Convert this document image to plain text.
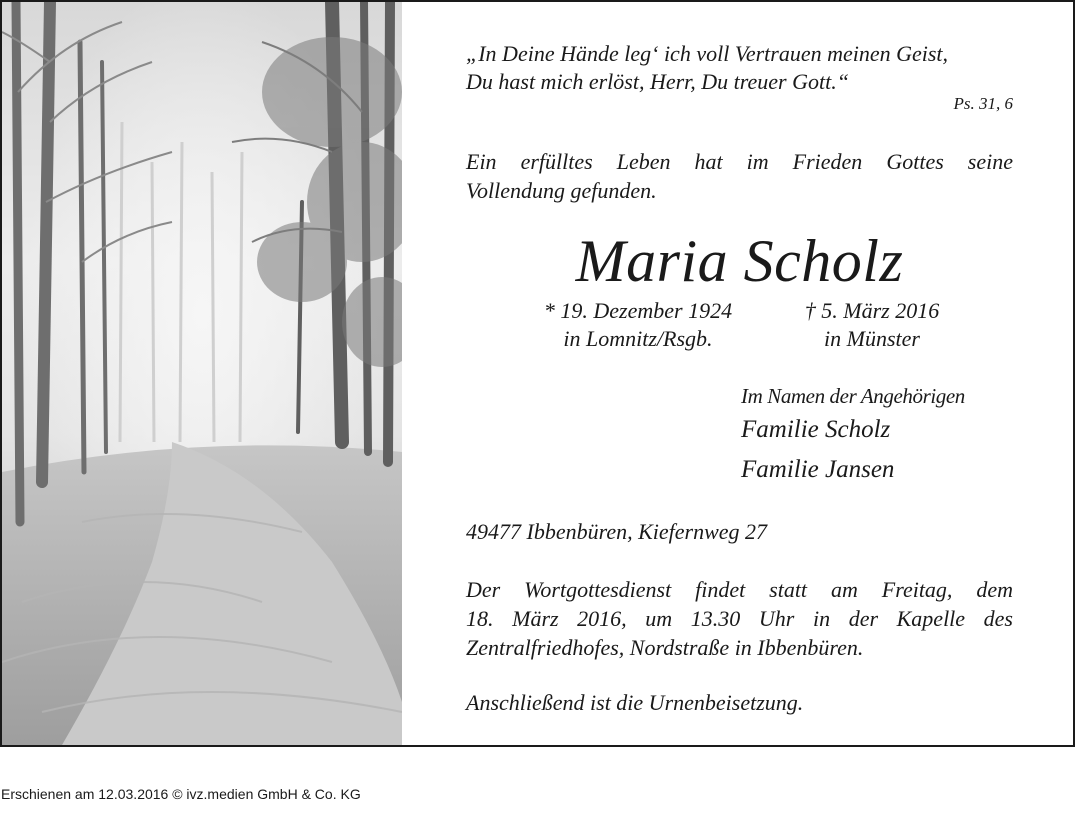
„In Deine Hände leg‘ ich voll Vertrauen meinen Geist,
Du hast mich erlöst, Herr, Du treuer Gott.“
Ps. 31, 6
Ein erfülltes Leben hat im Frieden Gottes seine
Vollendung gefunden.
Maria Scholz
* 19. Dezember 1924
in Lomnitz/Rsgb.
† 5. März 2016
in Münster
Im Namen der Angehörigen
Familie Scholz
Familie Jansen
49477 Ibbenbüren, Kiefernweg 27
Der Wortgottesdienst findet statt am Freitag, dem
18. März 2016, um 13.30 Uhr in der Kapelle des
Zentralfriedhofes, Nordstraße in Ibbenbüren.
Anschließend ist die Urnenbeisetzung.
Erschienen am 12.03.2016 © ivz.medien GmbH & Co. KG
